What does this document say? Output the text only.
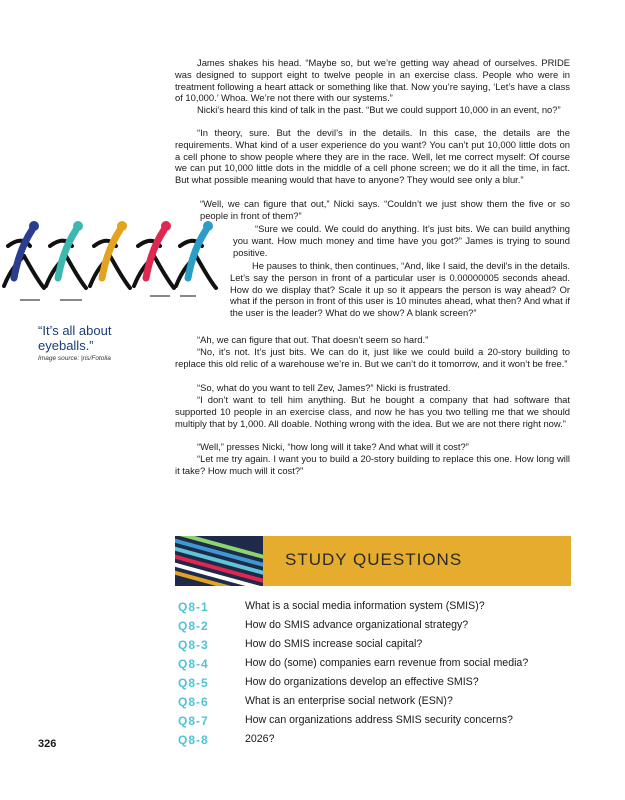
James shakes his head. “Maybe so, but we’re getting way ahead of ourselves. PRIDE was designed to support eight to twelve people in an exercise class. People who were in treatment following a heart attack or something like that. Now you’re saying, ‘Let’s have a class of 10,000.’ Whoa. We’re not there with our systems.”

Nicki’s heard this kind of talk in the past. “But we could support 10,000 in an event, no?”

“In theory, sure. But the devil’s in the details. In this case, the details are the requirements. What kind of a user experience do you want? You can’t put 10,000 little dots on a cell phone to show people where they are in the race. Well, let me correct myself: Of course we can put 10,000 little dots in the middle of a cell phone screen; we do it all the time, in fact. But what possible meaning would that have to anyone? They would see only a blur.”

“Well, we can figure that out,” Nicki says. “Couldn’t we just show them the five or so people in front of them?”

“Sure we could. We could do anything. It’s just bits. We can build anything you want. How much money and time have you got?” James is trying to sound positive.

He pauses to think, then continues, “And, like I said, the devil’s in the details. Let’s say the person in front of a particular user is 0.00000005 seconds ahead. How do we display that? Scale it up so it appears the person is way ahead? Or what if the person in front of this user is 10 minutes ahead, what then? And what if the user is the leader? What do we show? A blank screen?”

“Ah, we can figure that out. That doesn’t seem so hard.”

“No, it’s not. It’s just bits. We can do it, just like we could build a 20-story building to replace this old relic of a warehouse we’re in. But we can’t do it tomorrow, and it won’t be free.”

“So, what do you want to tell Zev, James?” Nicki is frustrated.

“I don’t want to tell him anything. But he bought a company that had software that supported 10 people in an exercise class, and now he has you two telling me that we should multiply that by 1,000. All doable. Nothing wrong with the idea. But we are not there right now.”

“Well,” presses Nicki, “how long will it take? And what will it cost?”

“Let me try again. I want you to build a 20-story building to replace this one. How long will it take? How much will it cost?”

“It’s all about eyeballs.”
Image source: |ris/Fotolia
STUDY QUESTIONS
Q8-1	What is a social media information system (SMIS)?
Q8-2	How do SMIS advance organizational strategy?
Q8-3	How do SMIS increase social capital?
Q8-4	How do (some) companies earn revenue from social media?
Q8-5	How do organizations develop an effective SMIS?
Q8-6	What is an enterprise social network (ESN)?
Q8-7	How can organizations address SMIS security concerns?
Q8-8	2026?
326
